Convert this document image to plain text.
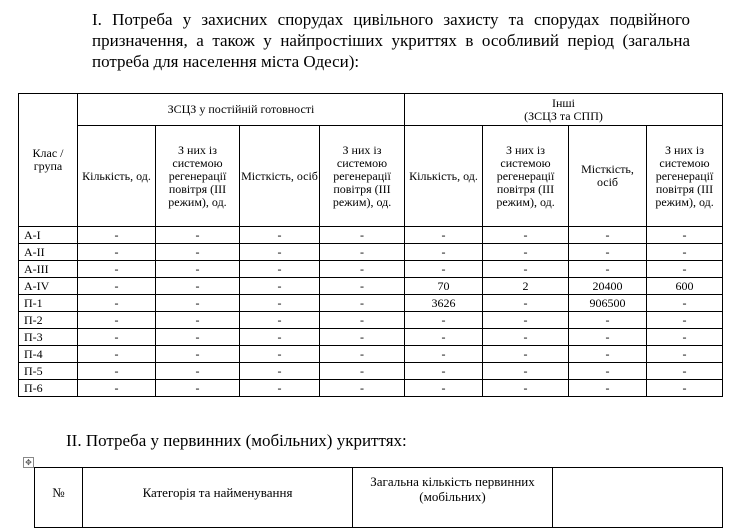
I. Потреба у захисних спорудах цивільного захисту та спорудах подвійного призначення, а також у найпростіших укриттях в особливий період (загальна потреба для населення міста Одеси):

Клас / група	ЗСЦЗ у постійній готовності				Інші
(ЗСЦЗ та СПП)			
	Кількість, од.	З них із системою регенерації повітря (ІІІ режим), од.	Місткість, осіб	З них із системою регенерації повітря (ІІІ режим), од.	Кількість, од.	З них із системою регенерації повітря (ІІІ режим), од.	Місткість, осіб	З них із системою регенерації повітря (ІІІ режим), од.
А-І	-	-	-	-	-	-	-	-
А-ІІ	-	-	-	-	-	-	-	-
А-ІІІ	-	-	-	-	-	-	-	-
А-ІV	-	-	-	-	70	2	20400	600
П-1	-	-	-	-	3626	-	906500	-
П-2	-	-	-	-	-	-	-	-
П-3	-	-	-	-	-	-	-	-
П-4	-	-	-	-	-	-	-	-
П-5	-	-	-	-	-	-	-	-
П-6	-	-	-	-	-	-	-	-

ІІ. Потреба у первинних (мобільних) укриттях:

✥
№	Категорія та найменування	Загальна кількість первинних (мобільних)	
